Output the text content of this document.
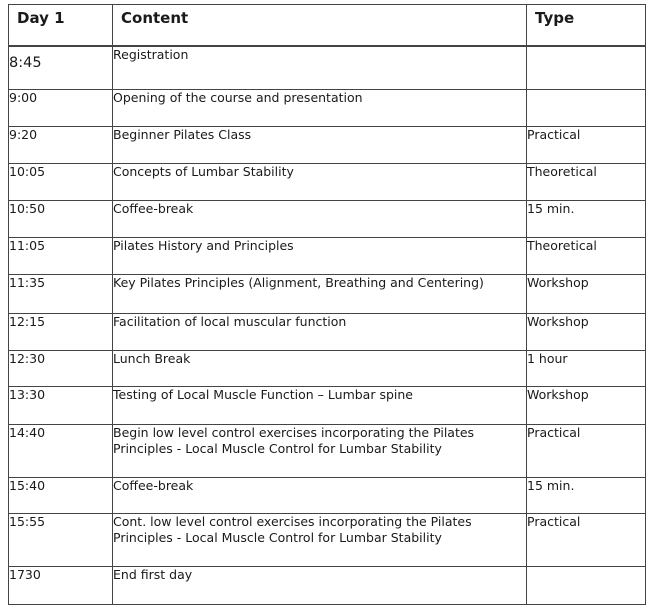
Day 1	Content	Type
8:45	Registration	
9:00	Opening of the course and presentation	
9:20	Beginner Pilates Class	Practical
10:05	Concepts of Lumbar Stability	Theoretical
10:50	Coffee-break	15 min.
11:05	Pilates History and Principles	Theoretical
11:35	Key Pilates Principles (Alignment, Breathing and Centering)	Workshop
12:15	Facilitation of local muscular function	Workshop
12:30	Lunch Break	1 hour
13:30	Testing of Local Muscle Function – Lumbar spine	Workshop
14:40	Begin low level control exercises incorporating the Pilates Principles - Local Muscle Control for Lumbar Stability	Practical
15:40	Coffee-break	15 min.
15:55	Cont. low level control exercises incorporating the Pilates Principles - Local Muscle Control for Lumbar Stability	Practical
1730	End first day	
